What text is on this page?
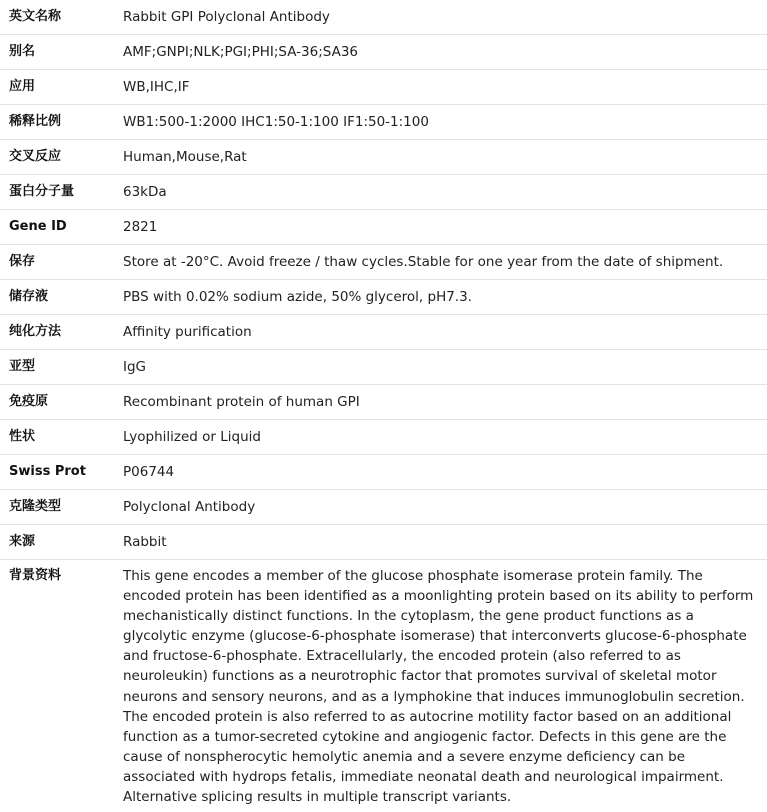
英文名称	Rabbit GPI Polyclonal Antibody
别名	AMF;GNPI;NLK;PGI;PHI;SA-36;SA36
应用	WB,IHC,IF
稀释比例	WB1:500-1:2000 IHC1:50-1:100 IF1:50-1:100
交叉反应	Human,Mouse,Rat
蛋白分子量	63kDa
Gene ID	2821
保存	Store at -20°C. Avoid freeze / thaw cycles.Stable for one year from the date of shipment.
储存液	PBS with 0.02% sodium azide, 50% glycerol, pH7.3.
纯化方法	Affinity purification
亚型	IgG
免疫原	Recombinant protein of human GPI
性状	Lyophilized or Liquid
Swiss Prot	P06744
克隆类型	Polyclonal Antibody
来源	Rabbit
背景资料	This gene encodes a member of the glucose phosphate isomerase protein family. The encoded protein has been identified as a moonlighting protein based on its ability to perform mechanistically distinct functions. In the cytoplasm, the gene product functions as a glycolytic enzyme (glucose-6-phosphate isomerase) that interconverts glucose-6-phosphate and fructose-6-phosphate. Extracellularly, the encoded protein (also referred to as neuroleukin) functions as a neurotrophic factor that promotes survival of skeletal motor neurons and sensory neurons, and as a lymphokine that induces immunoglobulin secretion. The encoded protein is also referred to as autocrine motility factor based on an additional function as a tumor-secreted cytokine and angiogenic factor. Defects in this gene are the cause of nonspherocytic hemolytic anemia and a severe enzyme deficiency can be associated with hydrops fetalis, immediate neonatal death and neurological impairment. Alternative splicing results in multiple transcript variants.
